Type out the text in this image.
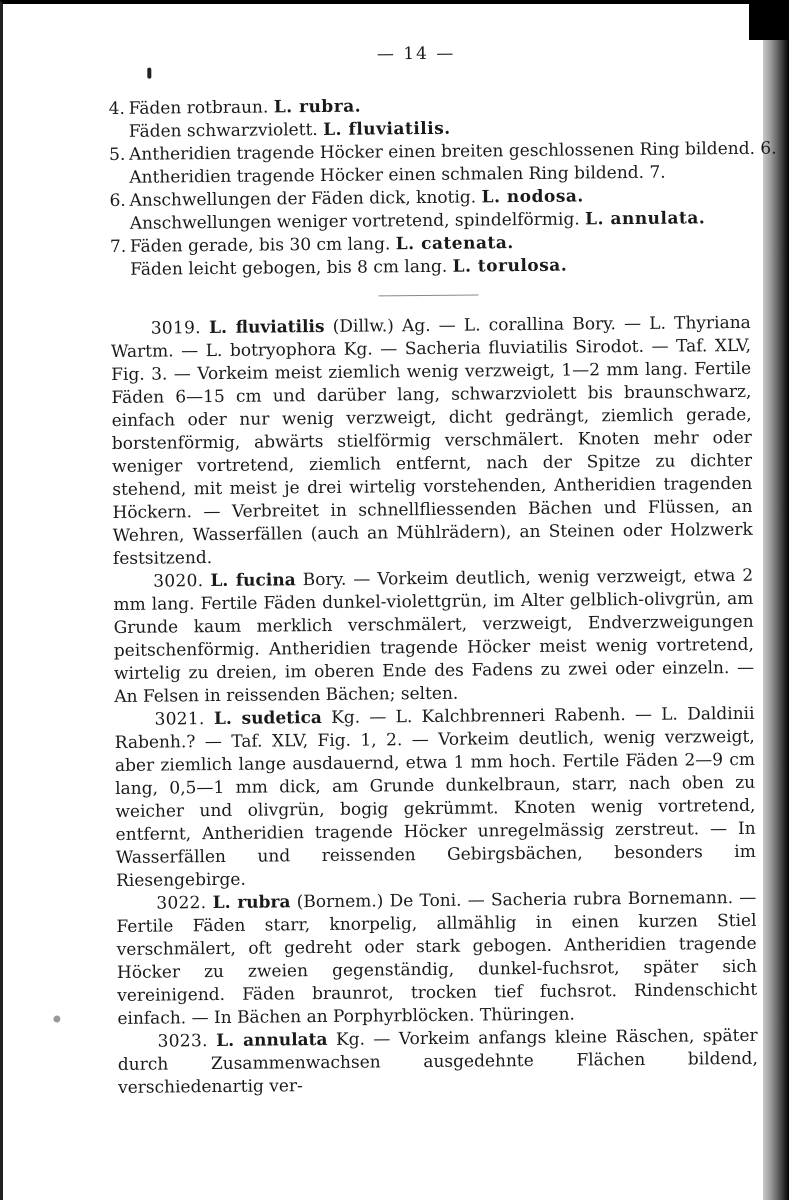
— 14 —
4. Fäden rotbraun. L. rubra.
Fäden schwarzviolett. L. fluviatilis.
5. Antheridien tragende Höcker einen breiten geschlossenen Ring bildend. 6.
Antheridien tragende Höcker einen schmalen Ring bildend. 7.
6. Anschwellungen der Fäden dick, knotig. L. nodosa.
Anschwellungen weniger vortretend, spindelförmig. L. annulata.
7. Fäden gerade, bis 30 cm lang. L. catenata.
Fäden leicht gebogen, bis 8 cm lang. L. torulosa.

3019. L. fluviatilis (Dillw.) Ag. — L. corallina Bory. — L. Thyriana Wartm. — L. botryophora Kg. — Sacheria fluviatilis Sirodot. — Taf. XLV, Fig. 3. — Vorkeim meist ziemlich wenig verzweigt, 1—2 mm lang. Fertile Fäden 6—15 cm und darüber lang, schwarzviolett bis braunschwarz, einfach oder nur wenig verzweigt, dicht gedrängt, ziemlich gerade, borstenförmig, abwärts stielförmig verschmälert. Knoten mehr oder weniger vortretend, ziemlich entfernt, nach der Spitze zu dichter stehend, mit meist je drei wirtelig vorstehenden, Antheridien tragenden Höckern. — Verbreitet in schnellfliessenden Bächen und Flüssen, an Wehren, Wasserfällen (auch an Mühlrädern), an Steinen oder Holzwerk festsitzend.

3020. L. fucina Bory. — Vorkeim deutlich, wenig verzweigt, etwa 2 mm lang. Fertile Fäden dunkel-violettgrün, im Alter gelblich-olivgrün, am Grunde kaum merklich verschmälert, verzweigt, Endverzweigungen peitschenförmig. Antheridien tragende Höcker meist wenig vortretend, wirtelig zu dreien, im oberen Ende des Fadens zu zwei oder einzeln. — An Felsen in reissenden Bächen; selten.

3021. L. sudetica Kg. — L. Kalchbrenneri Rabenh. — L. Daldinii Rabenh.? — Taf. XLV, Fig. 1, 2. — Vorkeim deutlich, wenig verzweigt, aber ziemlich lange ausdauernd, etwa 1 mm hoch. Fertile Fäden 2—9 cm lang, 0,5—1 mm dick, am Grunde dunkelbraun, starr, nach oben zu weicher und olivgrün, bogig gekrümmt. Knoten wenig vortretend, entfernt, Antheridien tragende Höcker unregelmässig zerstreut. — In Wasserfällen und reissenden Gebirgsbächen, besonders im Riesengebirge.

3022. L. rubra (Bornem.) De Toni. — Sacheria rubra Bornemann. — Fertile Fäden starr, knorpelig, allmählig in einen kurzen Stiel verschmälert, oft gedreht oder stark gebogen. Antheridien tragende Höcker zu zweien gegenständig, dunkel-fuchsrot, später sich vereinigend. Fäden braunrot, trocken tief fuchsrot. Rindenschicht einfach. — In Bächen an Porphyrblöcken. Thüringen.

3023. L. annulata Kg. — Vorkeim anfangs kleine Räschen, später durch Zusammenwachsen ausgedehnte Flächen bildend, verschiedenartig ver-
